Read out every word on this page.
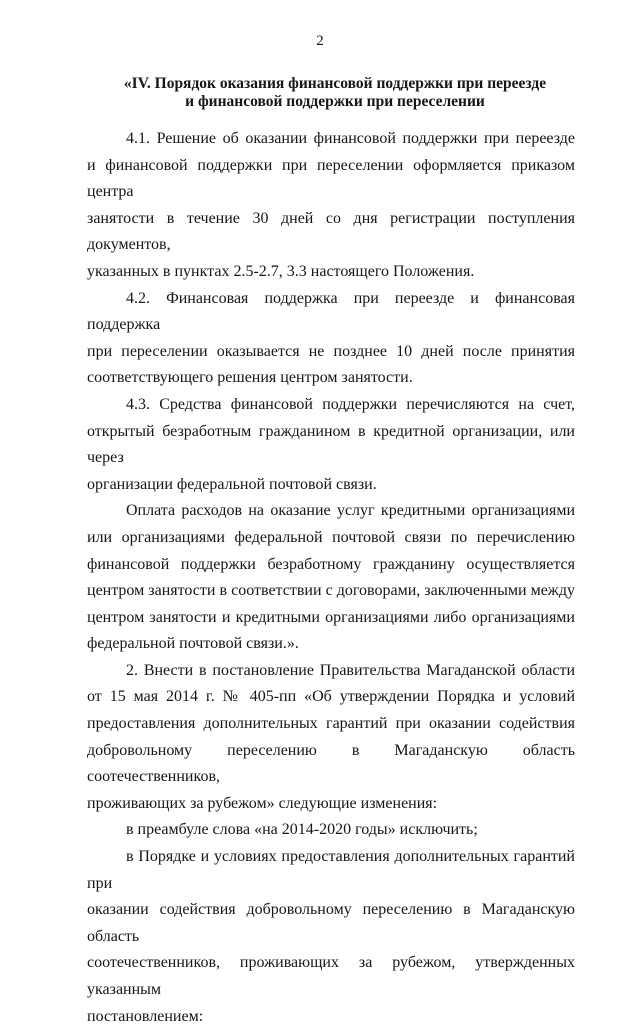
2
«IV. Порядок оказания финансовой поддержки при переезде
и финансовой поддержки при переселении
4.1. Решение об оказании финансовой поддержки при переезде
и финансовой поддержки при переселении оформляется приказом центра
занятости в течение 30 дней со дня регистрации поступления документов,
указанных в пунктах 2.5-2.7, 3.3 настоящего Положения.
4.2. Финансовая поддержка при переезде и финансовая поддержка
при переселении оказывается не позднее 10 дней после принятия
соответствующего решения центром занятости.
4.3. Средства финансовой поддержки перечисляются на счет,
открытый безработным гражданином в кредитной организации, или через
организации федеральной почтовой связи.
Оплата расходов на оказание услуг кредитными организациями
или организациями федеральной почтовой связи по перечислению
финансовой поддержки безработному гражданину осуществляется
центром занятости в соответствии с договорами, заключенными между
центром занятости и кредитными организациями либо организациями
федеральной почтовой связи.».
2. Внести в постановление Правительства Магаданской области
от 15 мая 2014 г. № 405-пп «Об утверждении Порядка и условий
предоставления дополнительных гарантий при оказании содействия
добровольному переселению в Магаданскую область соотечественников,
проживающих за рубежом» следующие изменения:
в преамбуле слова «на 2014-2020 годы» исключить;
в Порядке и условиях предоставления дополнительных гарантий при
оказании содействия добровольному переселению в Магаданскую область
соотечественников, проживающих за рубежом, утвержденных указанным
постановлением:
